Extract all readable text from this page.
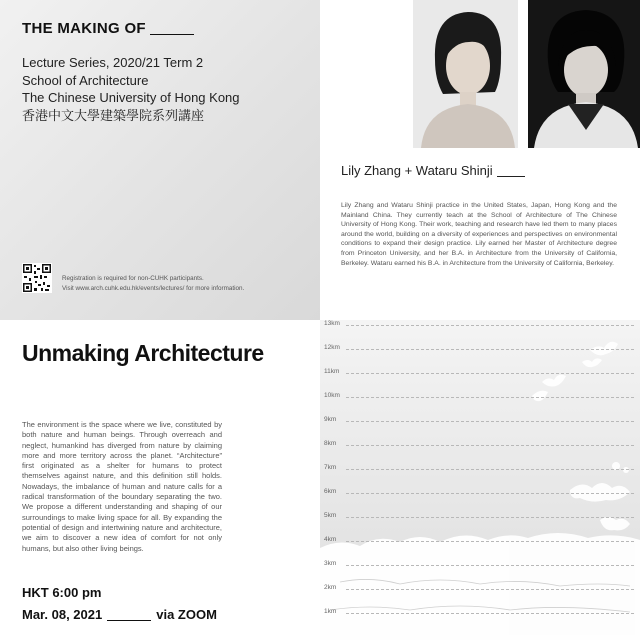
THE MAKING OF
Lecture Series, 2020/21 Term 2
School of Architecture
The Chinese University of Hong Kong
香港中文大學建築學院系列講座
Registration is required for non-CUHK participants.
Visit www.arch.cuhk.edu.hk/events/lectures/ for more information.
Lily Zhang + Wataru Shinji
Lily Zhang and Wataru Shinji practice in the United States, Japan, Hong Kong and the Mainland China. They currently teach at the School of Architecture of The Chinese University of Hong Kong. Their work, teaching and research have led them to many places around the world, building on a diversity of experiences and perspectives on environmental conditions to expand their design practice. Lily earned her Master of Architecture degree from Princeton University, and her B.A. in Architecture from the University of California, Berkeley. Wataru earned his B.A. in Architecture from the University of California, Berkeley.
Unmaking Architecture
The environment is the space where we live, constituted by both nature and human beings. Through overreach and neglect, humankind has diverged from nature by claiming more and more territory across the planet. “Architecture” first originated as a shelter for humans to protect themselves against nature, and this definition still holds. Nowadays, the imbalance of human and nature calls for a radical transformation of the boundary separating the two. We propose a different understanding and shaping of our surroundings to make living space for all. By expanding the potential of design and intertwining nature and architecture, we aim to discover a new idea of comfort for not only humans, but also other living beings.
HKT 6:00 pm
Mar. 08, 2021	via ZOOM
13km
12km
11km
10km
9km
8km
7km
6km
5km
4km
3km
2km
1km
